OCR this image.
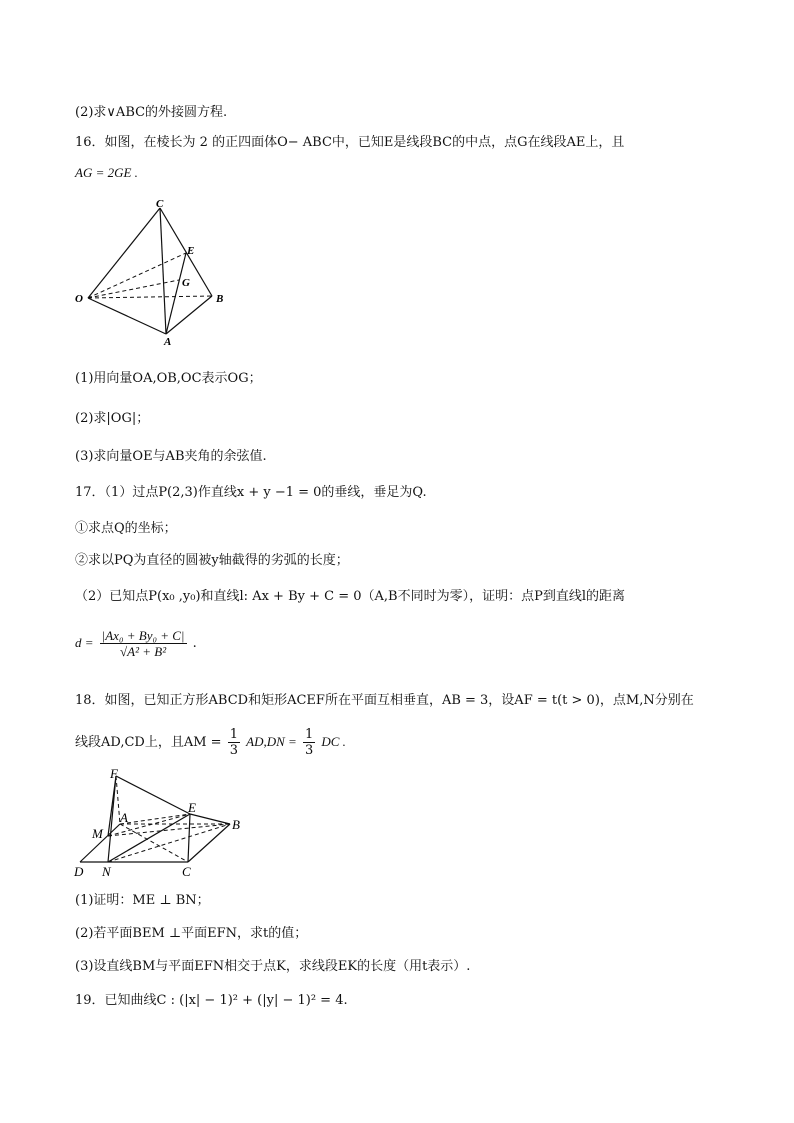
(2)求∨ABC的外接圆方程.
16．如图，在棱长为 2 的正四面体O− ABC中，已知E是线段BC的中点，点G在线段AE上，且
AG = 2GE .
C
E
G
O	B
A
(1)用向量OA,OB,OC表示OG；
(2)求|OG|；
(3)求向量OE与AB夹角的余弦值.
17．（1）过点P(2,3)作直线x + y −1 = 0的垂线，垂足为Q.
①求点Q的坐标；
②求以PQ为直径的圆被y轴截得的劣弧的长度；
（2）已知点P(x₀ ,y₀)和直线l: Ax + By + C = 0（A,B不同时为零），证明：点P到直线l的距离
$d = \frac{\text{|Ax₀ + By₀ + C|}}{\text{√A² + B²}}$ .
18．如图，已知正方形ABCD和矩形ACEF所在平面互相垂直，AB = 3，设AF = t(t > 0)，点M,N分别在
线段AD,CD上，且AM = $\frac{1}{3} AD,DN = \frac{1}{3}$ DC .
F
E
A	B
M
D N	C
(1)证明：ME ⊥ BN；
(2)若平面BEM ⊥平面EFN，求t的值；
(3)设直线BM与平面EFN相交于点K，求线段EK的长度（用t表示）.
19．已知曲线C : (|x| − 1)² + (|y| − 1)² = 4.
